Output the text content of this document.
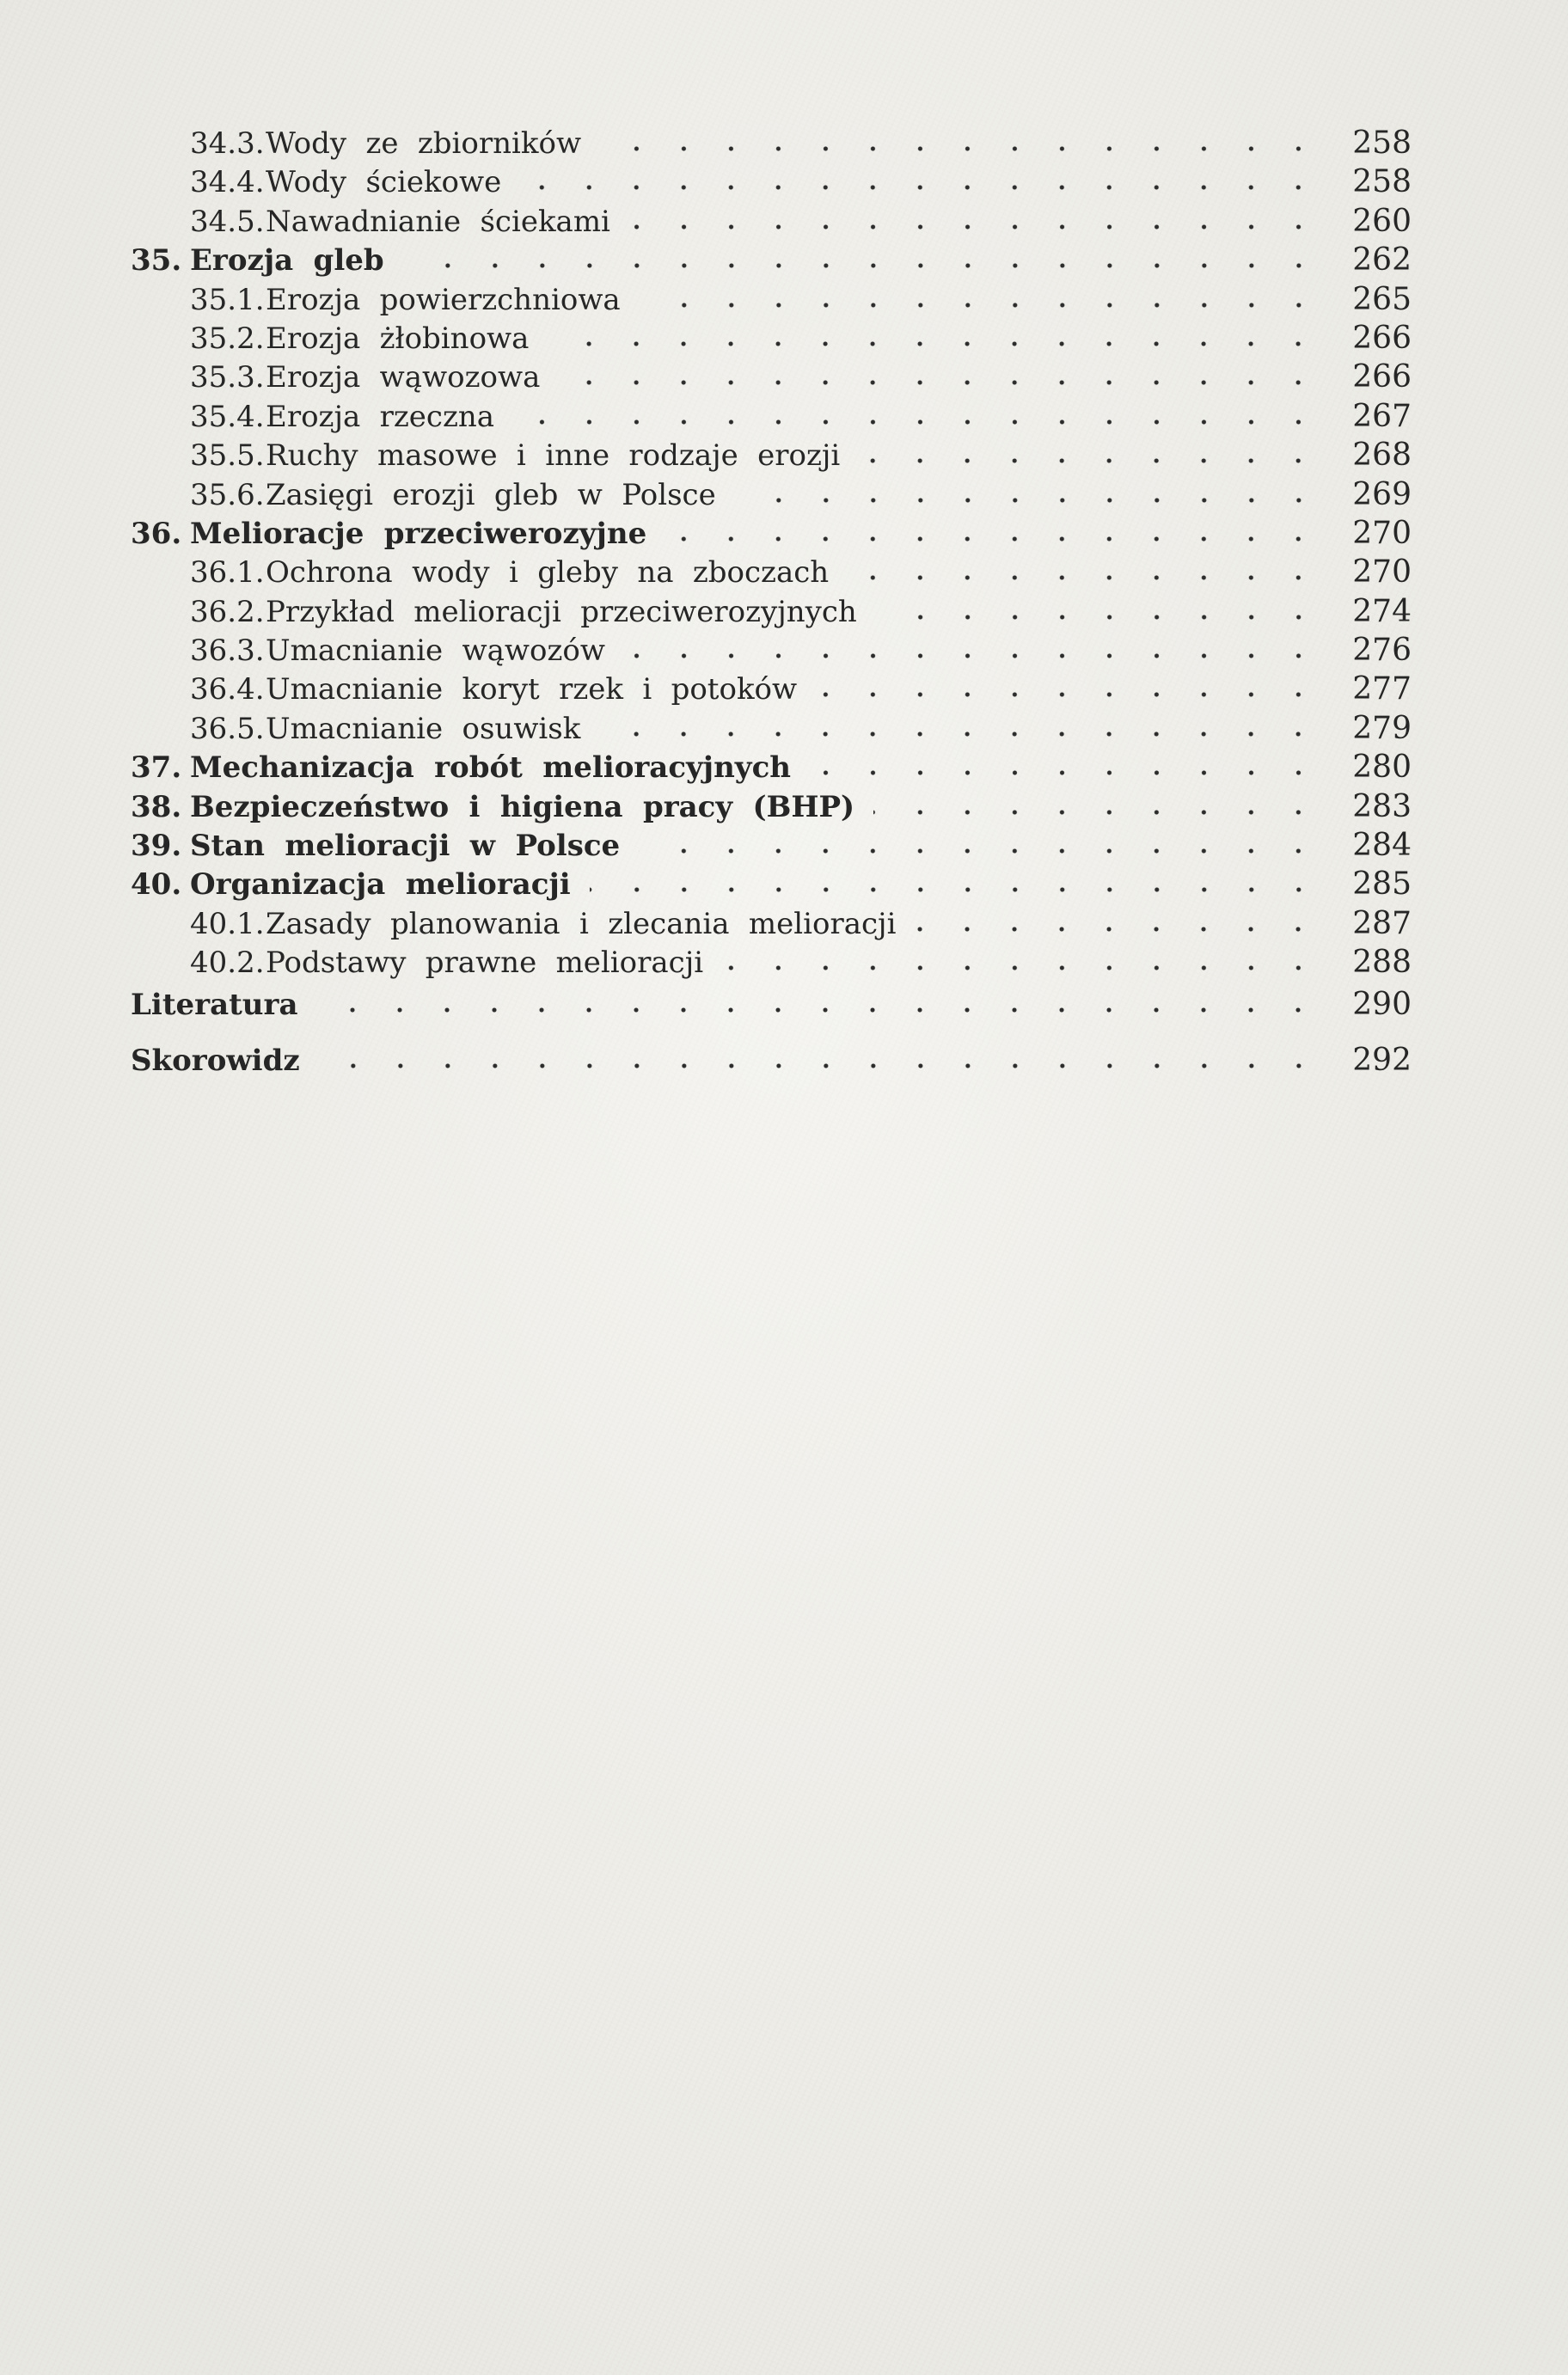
34.3. Wody ze zbiorników	258
34.4. Wody ściekowe	258
34.5. Nawadnianie ściekami	260
35. Erozja gleb	262
35.1. Erozja powierzchniowa	265
35.2. Erozja żłobinowa	266
35.3. Erozja wąwozowa	266
35.4. Erozja rzeczna	267
35.5. Ruchy masowe i inne rodzaje erozji	268
35.6. Zasięgi erozji gleb w Polsce	269
36. Melioracje przeciwerozyjne	270
36.1. Ochrona wody i gleby na zboczach	270
36.2. Przykład melioracji przeciwerozyjnych	274
36.3. Umacnianie wąwozów	276
36.4. Umacnianie koryt rzek i potoków	277
36.5. Umacnianie osuwisk	279
37. Mechanizacja robót melioracyjnych	280
38. Bezpieczeństwo i higiena pracy (BHP)	283
39. Stan melioracji w Polsce	284
40. Organizacja melioracji	285
40.1. Zasady planowania i zlecania melioracji	287
40.2. Podstawy prawne melioracji	288
Literatura	290
Skorowidz	292
